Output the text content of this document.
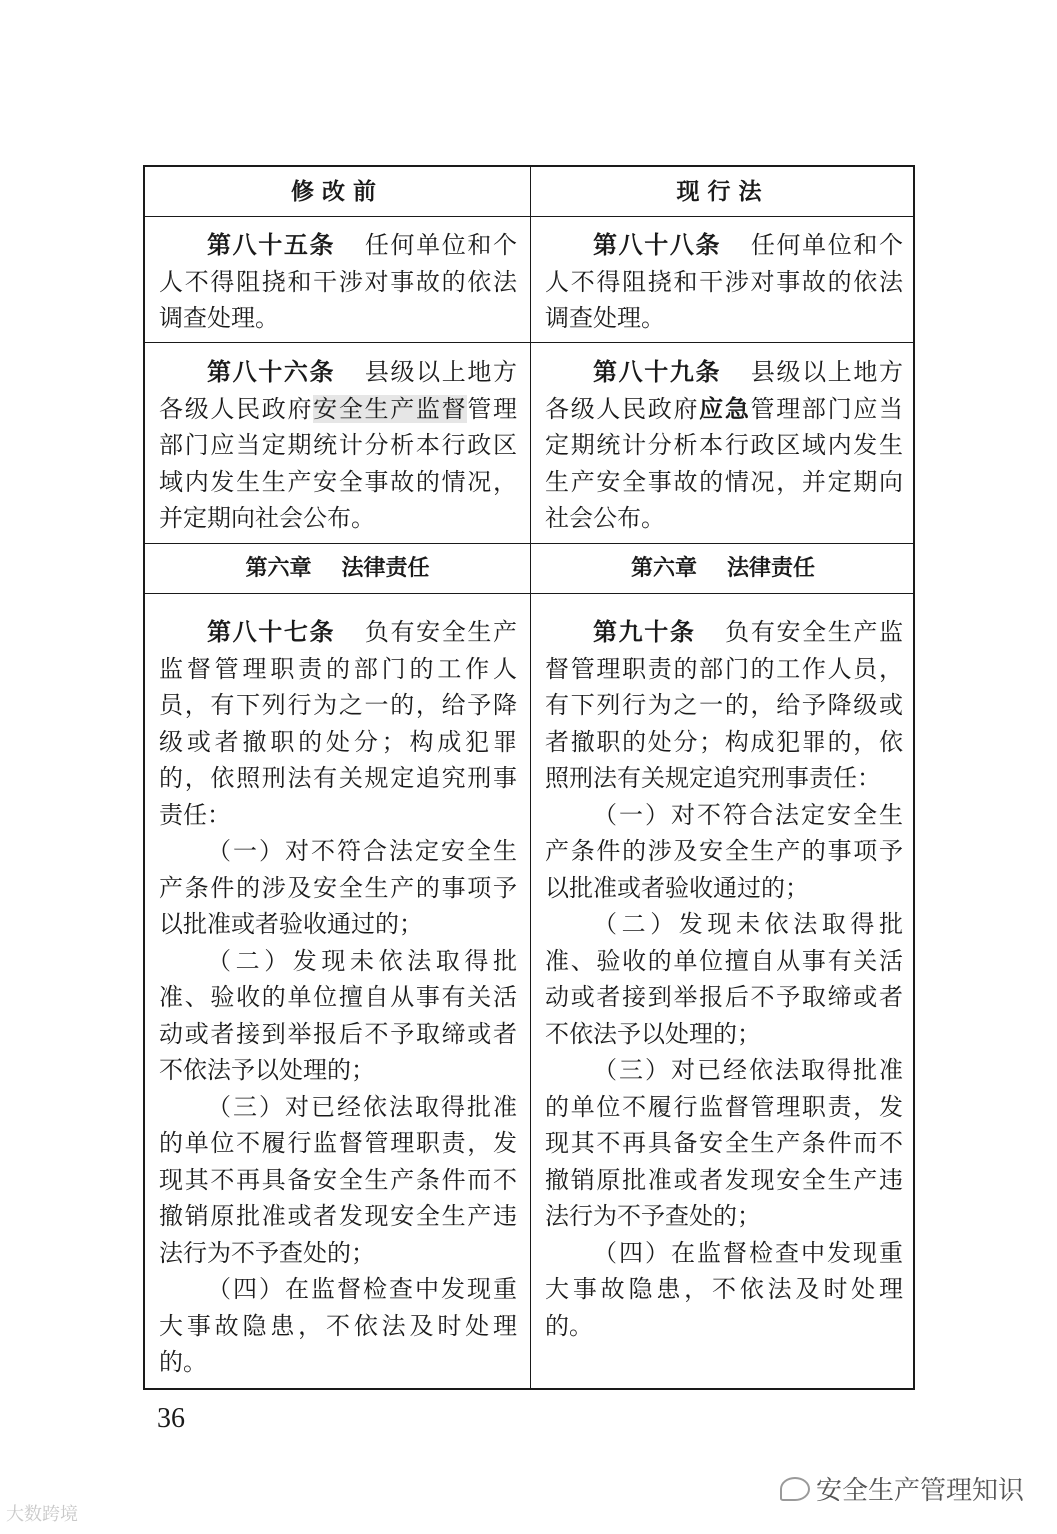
修改前	现行法

第八十五条 任何单位和个人不得阻挠和干涉对事故的依法调查处理。

第八十八条 任何单位和个人不得阻挠和干涉对事故的依法调查处理。

第八十六条 县级以上地方各级人民政府安全生产监督管理部门应当定期统计分析本行政区域内发生生产安全事故的情况，并定期向社会公布。

第八十九条 县级以上地方各级人民政府应急管理部门应当定期统计分析本行政区域内发生生产安全事故的情况，并定期向社会公布。

第六章 法律责任	第六章 法律责任

第八十七条 负有安全生产监督管理职责的部门的工作人员，有下列行为之一的，给予降级或者撤职的处分；构成犯罪的，依照刑法有关规定追究刑事责任：

（一）对不符合法定安全生产条件的涉及安全生产的事项予以批准或者验收通过的；

（二）发现未依法取得批准、验收的单位擅自从事有关活动或者接到举报后不予取缔或者不依法予以处理的；

（三）对已经依法取得批准的单位不履行监督管理职责，发现其不再具备安全生产条件而不撤销原批准或者发现安全生产违法行为不予查处的；

（四）在监督检查中发现重大事故隐患，不依法及时处理的。

第九十条 负有安全生产监督管理职责的部门的工作人员，有下列行为之一的，给予降级或者撤职的处分；构成犯罪的，依照刑法有关规定追究刑事责任：

（一）对不符合法定安全生产条件的涉及安全生产的事项予以批准或者验收通过的；

（二）发现未依法取得批准、验收的单位擅自从事有关活动或者接到举报后不予取缔或者不依法予以处理的；

（三）对已经依法取得批准的单位不履行监督管理职责，发现其不再具备安全生产条件而不撤销原批准或者发现安全生产违法行为不予查处的；

（四）在监督检查中发现重大事故隐患，不依法及时处理的。

36
大数跨境
安全生产管理知识
